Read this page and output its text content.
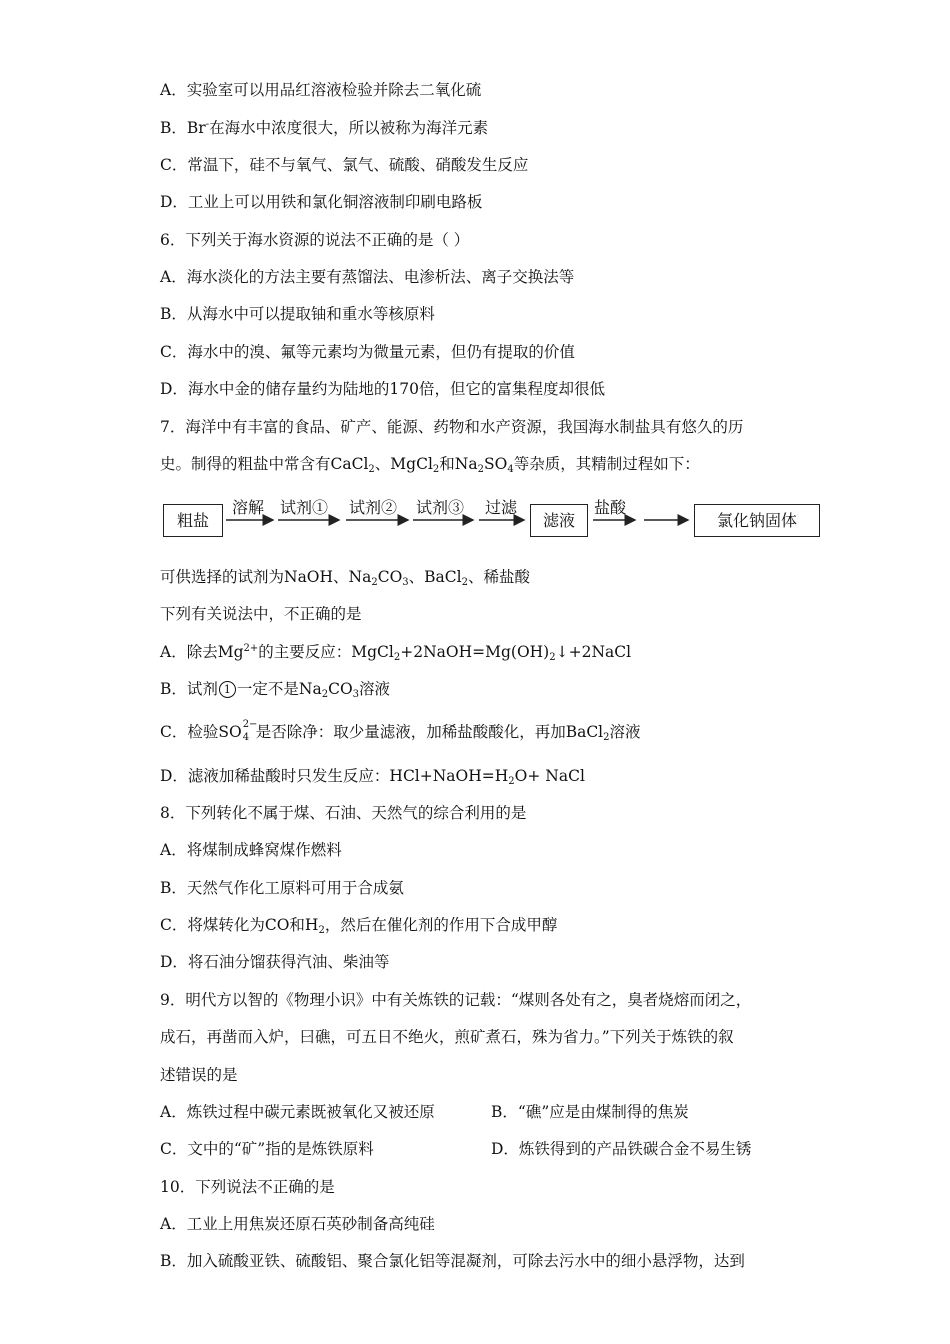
A．实验室可以用品红溶液检验并除去二氧化硫
B．Br-在海水中浓度很大，所以被称为海洋元素
C．常温下，硅不与氧气、氯气、硫酸、硝酸发生反应
D．工业上可以用铁和氯化铜溶液制印刷电路板
6．下列关于海水资源的说法不正确的是（ ）
A．海水淡化的方法主要有蒸馏法、电渗析法、离子交换法等
B．从海水中可以提取铀和重水等核原料
C．海水中的溴、氟等元素均为微量元素，但仍有提取的价值
D．海水中金的储存量约为陆地的170倍，但它的富集程度却很低
7．海洋中有丰富的食品、矿产、能源、药物和水产资源，我国海水制盐具有悠久的历
史。制得的粗盐中常含有CaCl$_2$、MgCl$_2$和$Na_2SO_4$等杂质，其精制过程如下：
粗盐
溶解 试剂① 试剂② 试剂③ 过滤
滤液
盐酸
氯化钠固体
可供选择的试剂为NaOH、$Na_2CO_3$、BaCl$_2$、稀盐酸
下列有关说法中，不正确的是
A．除去$Mg^{2+}$的主要反应：$MgCl_2+2NaOH=Mg(OH)_2↓+2NaCl$
B．试剂 1 一定不是$Na_2CO_3$溶液
C．检验SO 2−
4 是否除净：取少量滤液，加稀盐酸酸化，再加BaCl$_2$溶液
D．滤液加稀盐酸时只发生反应：$HCl+NaOH=H_2O+$ NaCl
8．下列转化不属于煤、石油、天然气的综合利用的是
A．将煤制成蜂窝煤作燃料
B．天然气作化工原料可用于合成氨
C．将煤转化为CO和$H_2$，然后在催化剂的作用下合成甲醇
D．将石油分馏获得汽油、柴油等
9．明代方以智的《物理小识》中有关炼铁的记载：“煤则各处有之，臭者烧熔而闭之，
成石，再凿而入炉，曰礁，可五日不绝火，煎矿煮石，殊为省力。”下列关于炼铁的叙
述错误的是
A．炼铁过程中碳元素既被氧化又被还原	B．“礁”应是由煤制得的焦炭
C．文中的“矿”指的是炼铁原料	D．炼铁得到的产品铁碳合金不易生锈
10．下列说法不正确的是
A．工业上用焦炭还原石英砂制备高纯硅
B．加入硫酸亚铁、硫酸铝、聚合氯化铝等混凝剂，可除去污水中的细小悬浮物，达到
